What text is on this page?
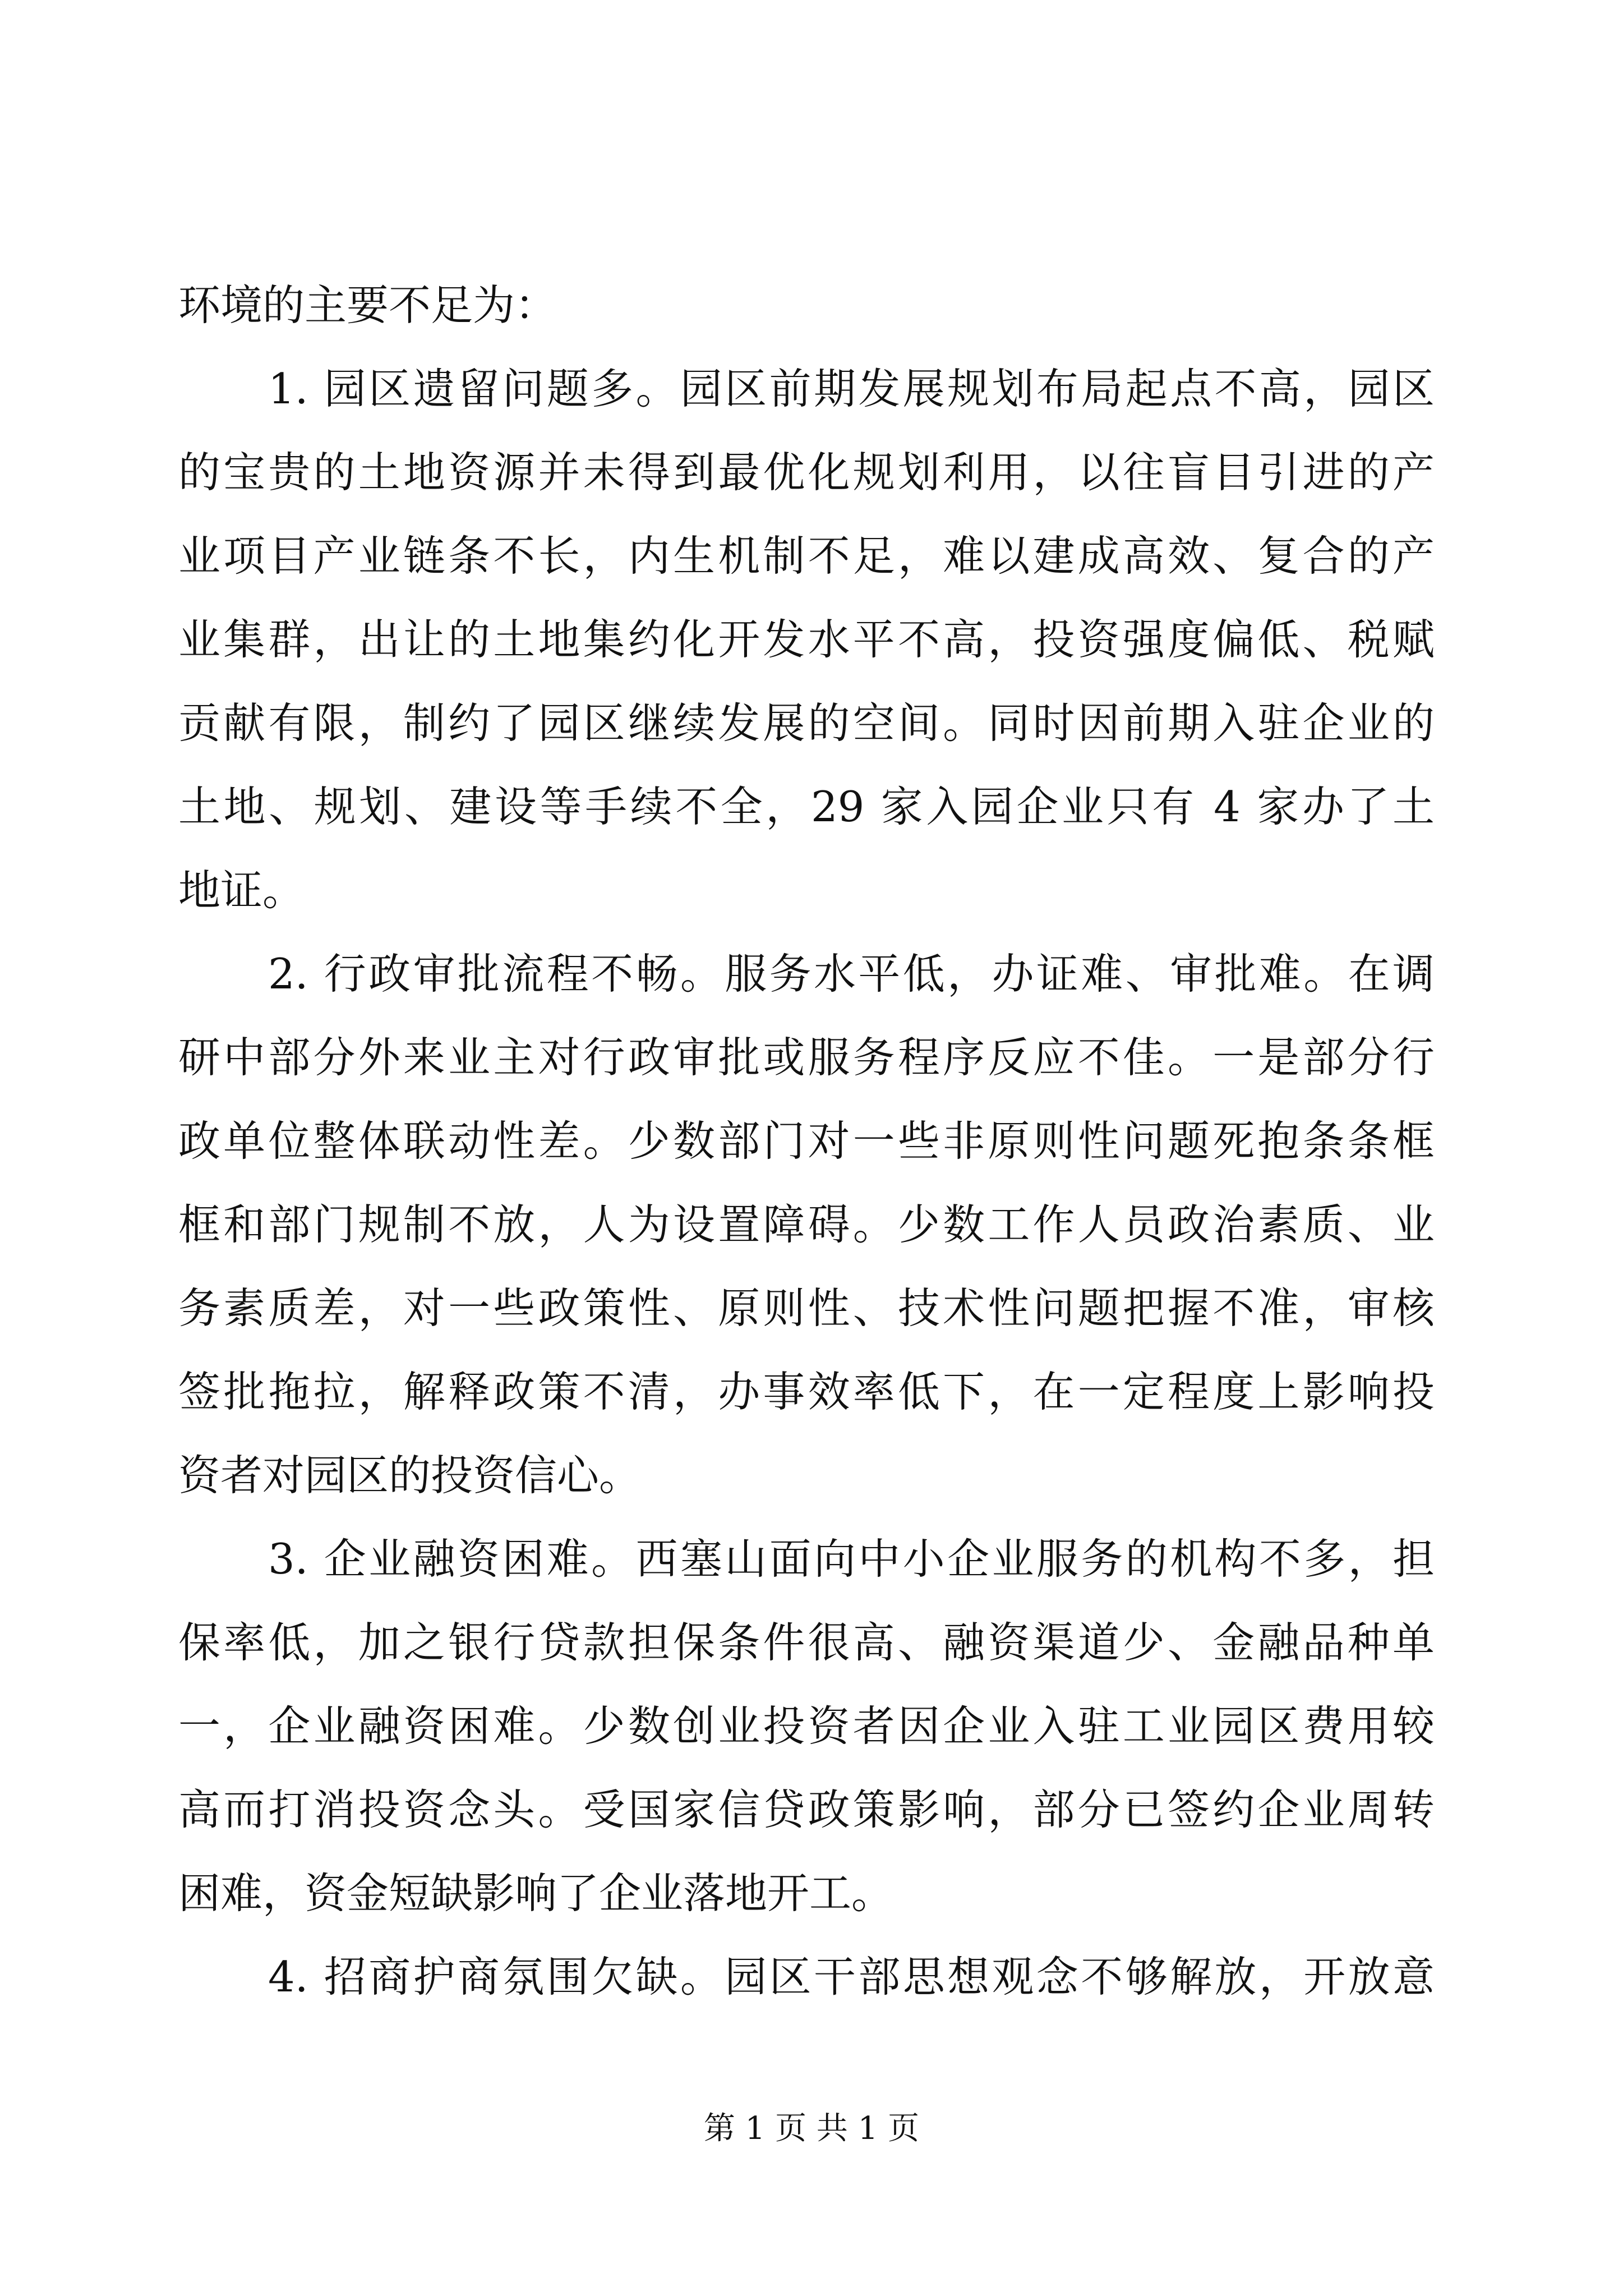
环境的主要不足为：
1. 园区遗留问题多。园区前期发展规划布局起点不高，园区
的宝贵的土地资源并未得到最优化规划利用，以往盲目引进的产
业项目产业链条不长，内生机制不足，难以建成高效、复合的产
业集群，出让的土地集约化开发水平不高，投资强度偏低、税赋
贡献有限，制约了园区继续发展的空间。同时因前期入驻企业的
土地、规划、建设等手续不全，29 家入园企业只有 4 家办了土
地证。
2. 行政审批流程不畅。服务水平低，办证难、审批难。在调
研中部分外来业主对行政审批或服务程序反应不佳。一是部分行
政单位整体联动性差。少数部门对一些非原则性问题死抱条条框
框和部门规制不放，人为设置障碍。少数工作人员政治素质、业
务素质差，对一些政策性、原则性、技术性问题把握不准，审核
签批拖拉，解释政策不清，办事效率低下，在一定程度上影响投
资者对园区的投资信心。
3. 企业融资困难。西塞山面向中小企业服务的机构不多，担
保率低，加之银行贷款担保条件很高、融资渠道少、金融品种单
一，企业融资困难。少数创业投资者因企业入驻工业园区费用较
高而打消投资念头。受国家信贷政策影响，部分已签约企业周转
困难，资金短缺影响了企业落地开工。
4. 招商护商氛围欠缺。园区干部思想观念不够解放，开放意
第 1 页 共 1 页
